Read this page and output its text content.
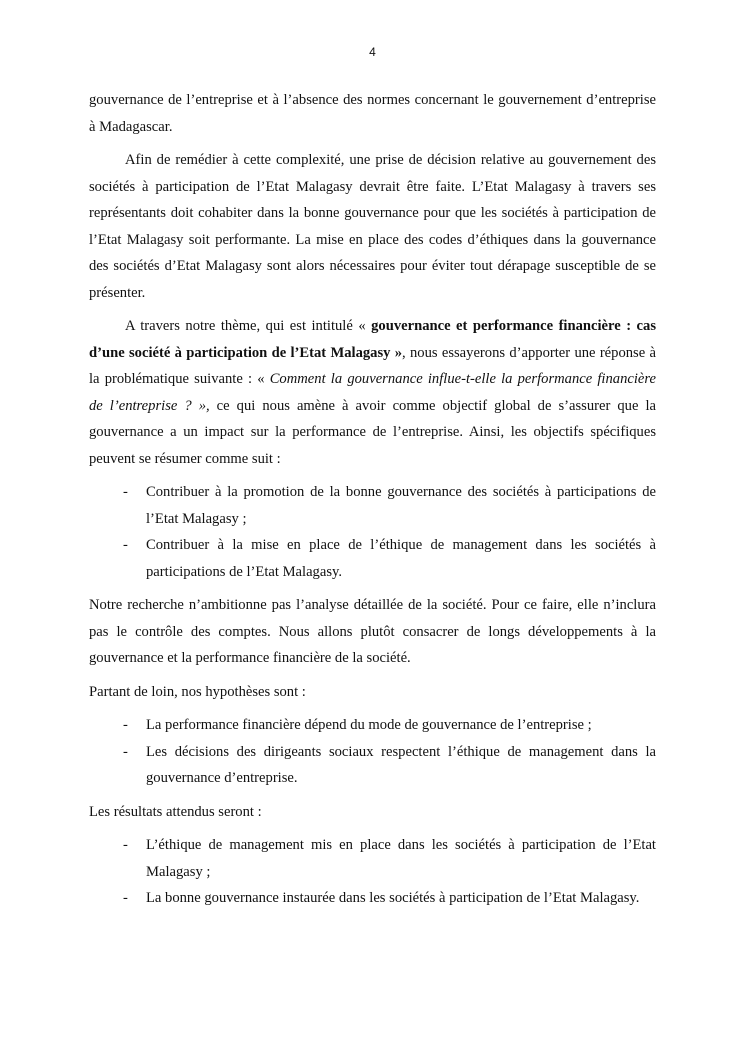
4

gouvernance de l’entreprise et à l’absence des normes concernant le gouvernement d’entreprise à Madagascar.

Afin de remédier à cette complexité, une prise de décision relative au gouvernement des sociétés à participation de l’Etat Malagasy devrait être faite. L’Etat Malagasy à travers ses représentants doit cohabiter dans la bonne gouvernance pour que les sociétés à participation de l’Etat Malagasy soit performante. La mise en place des codes d’éthiques dans la gouvernance des sociétés d’Etat Malagasy sont alors nécessaires pour éviter tout dérapage susceptible de se présenter.

A travers notre thème, qui est intitulé « gouvernance et performance financière : cas d’une société à participation de l’Etat Malagasy », nous essayerons d’apporter une réponse à la problématique suivante : « Comment la gouvernance influe-t-elle la performance financière de l’entreprise ? », ce qui nous amène à avoir comme objectif global de s’assurer que la gouvernance a un impact sur la performance de l’entreprise. Ainsi, les objectifs spécifiques peuvent se résumer comme suit :

- Contribuer à la promotion de la bonne gouvernance des sociétés à participations de l’Etat Malagasy ;
- Contribuer à la mise en place de l’éthique de management dans les sociétés à participations de l’Etat Malagasy.

Notre recherche n’ambitionne pas l’analyse détaillée de la société. Pour ce faire, elle n’inclura pas le contrôle des comptes. Nous allons plutôt consacrer de longs développements à la gouvernance et la performance financière de la société.

Partant de loin, nos hypothèses sont :

- La performance financière dépend du mode de gouvernance de l’entreprise ;
- Les décisions des dirigeants sociaux respectent l’éthique de management dans la gouvernance d’entreprise.

Les résultats attendus seront :

- L’éthique de management mis en place dans les sociétés à participation de l’Etat Malagasy ;
- La bonne gouvernance instaurée dans les sociétés à participation de l’Etat Malagasy.
